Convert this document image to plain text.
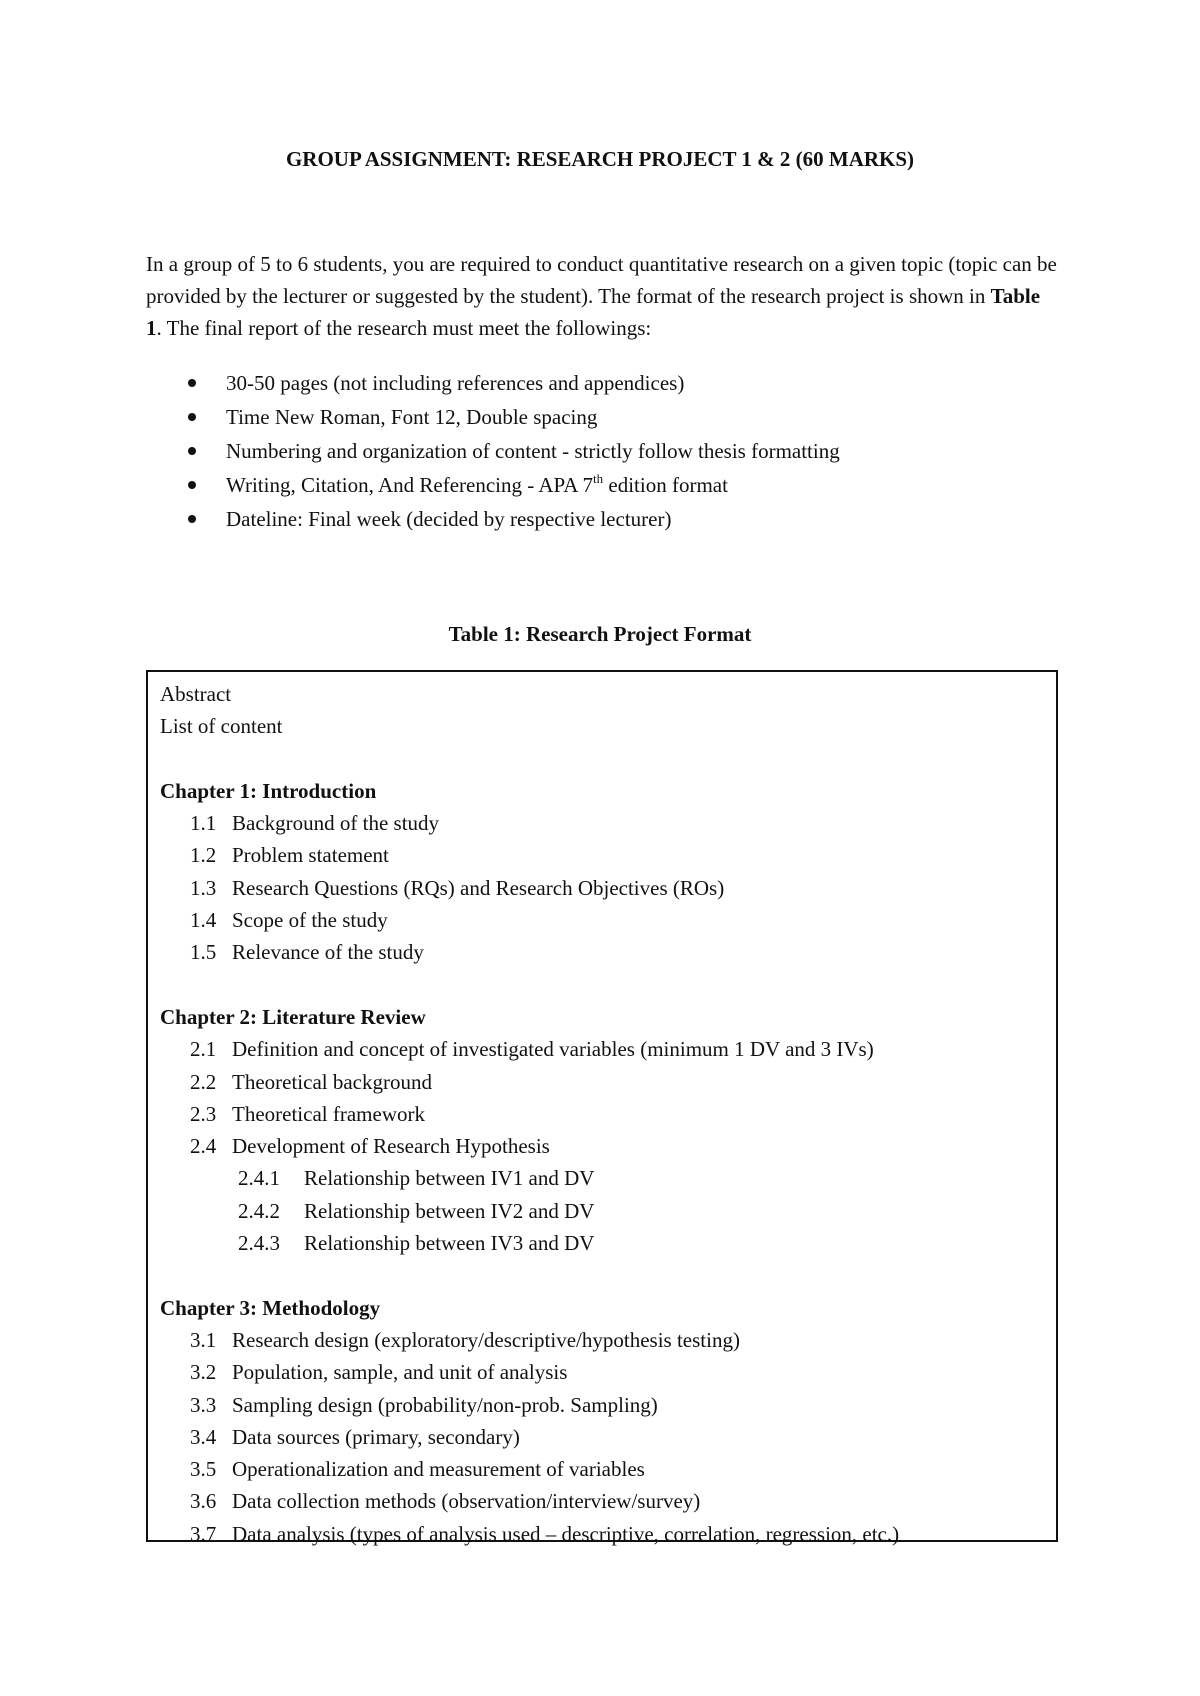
GROUP ASSIGNMENT: RESEARCH PROJECT 1 & 2 (60 MARKS)
In a group of 5 to 6 students, you are required to conduct quantitative research on a given topic (topic can be provided by the lecturer or suggested by the student). The format of the research project is shown in Table 1. The final report of the research must meet the followings:
30-50 pages (not including references and appendices)
Time New Roman, Font 12, Double spacing
Numbering and organization of content - strictly follow thesis formatting
Writing, Citation, And Referencing - APA 7th edition format
Dateline: Final week (decided by respective lecturer)
Table 1: Research Project Format
Abstract
List of content
Chapter 1: Introduction
1.1 Background of the study
1.2 Problem statement
1.3 Research Questions (RQs) and Research Objectives (ROs)
1.4 Scope of the study
1.5 Relevance of the study
Chapter 2: Literature Review
2.1 Definition and concept of investigated variables (minimum 1 DV and 3 IVs)
2.2 Theoretical background
2.3 Theoretical framework
2.4 Development of Research Hypothesis
2.4.1 Relationship between IV1 and DV
2.4.2 Relationship between IV2 and DV
2.4.3 Relationship between IV3 and DV
Chapter 3: Methodology
3.1 Research design (exploratory/descriptive/hypothesis testing)
3.2 Population, sample, and unit of analysis
3.3 Sampling design (probability/non-prob. Sampling)
3.4 Data sources (primary, secondary)
3.5 Operationalization and measurement of variables
3.6 Data collection methods (observation/interview/survey)
3.7 Data analysis (types of analysis used – descriptive, correlation, regression, etc.)
